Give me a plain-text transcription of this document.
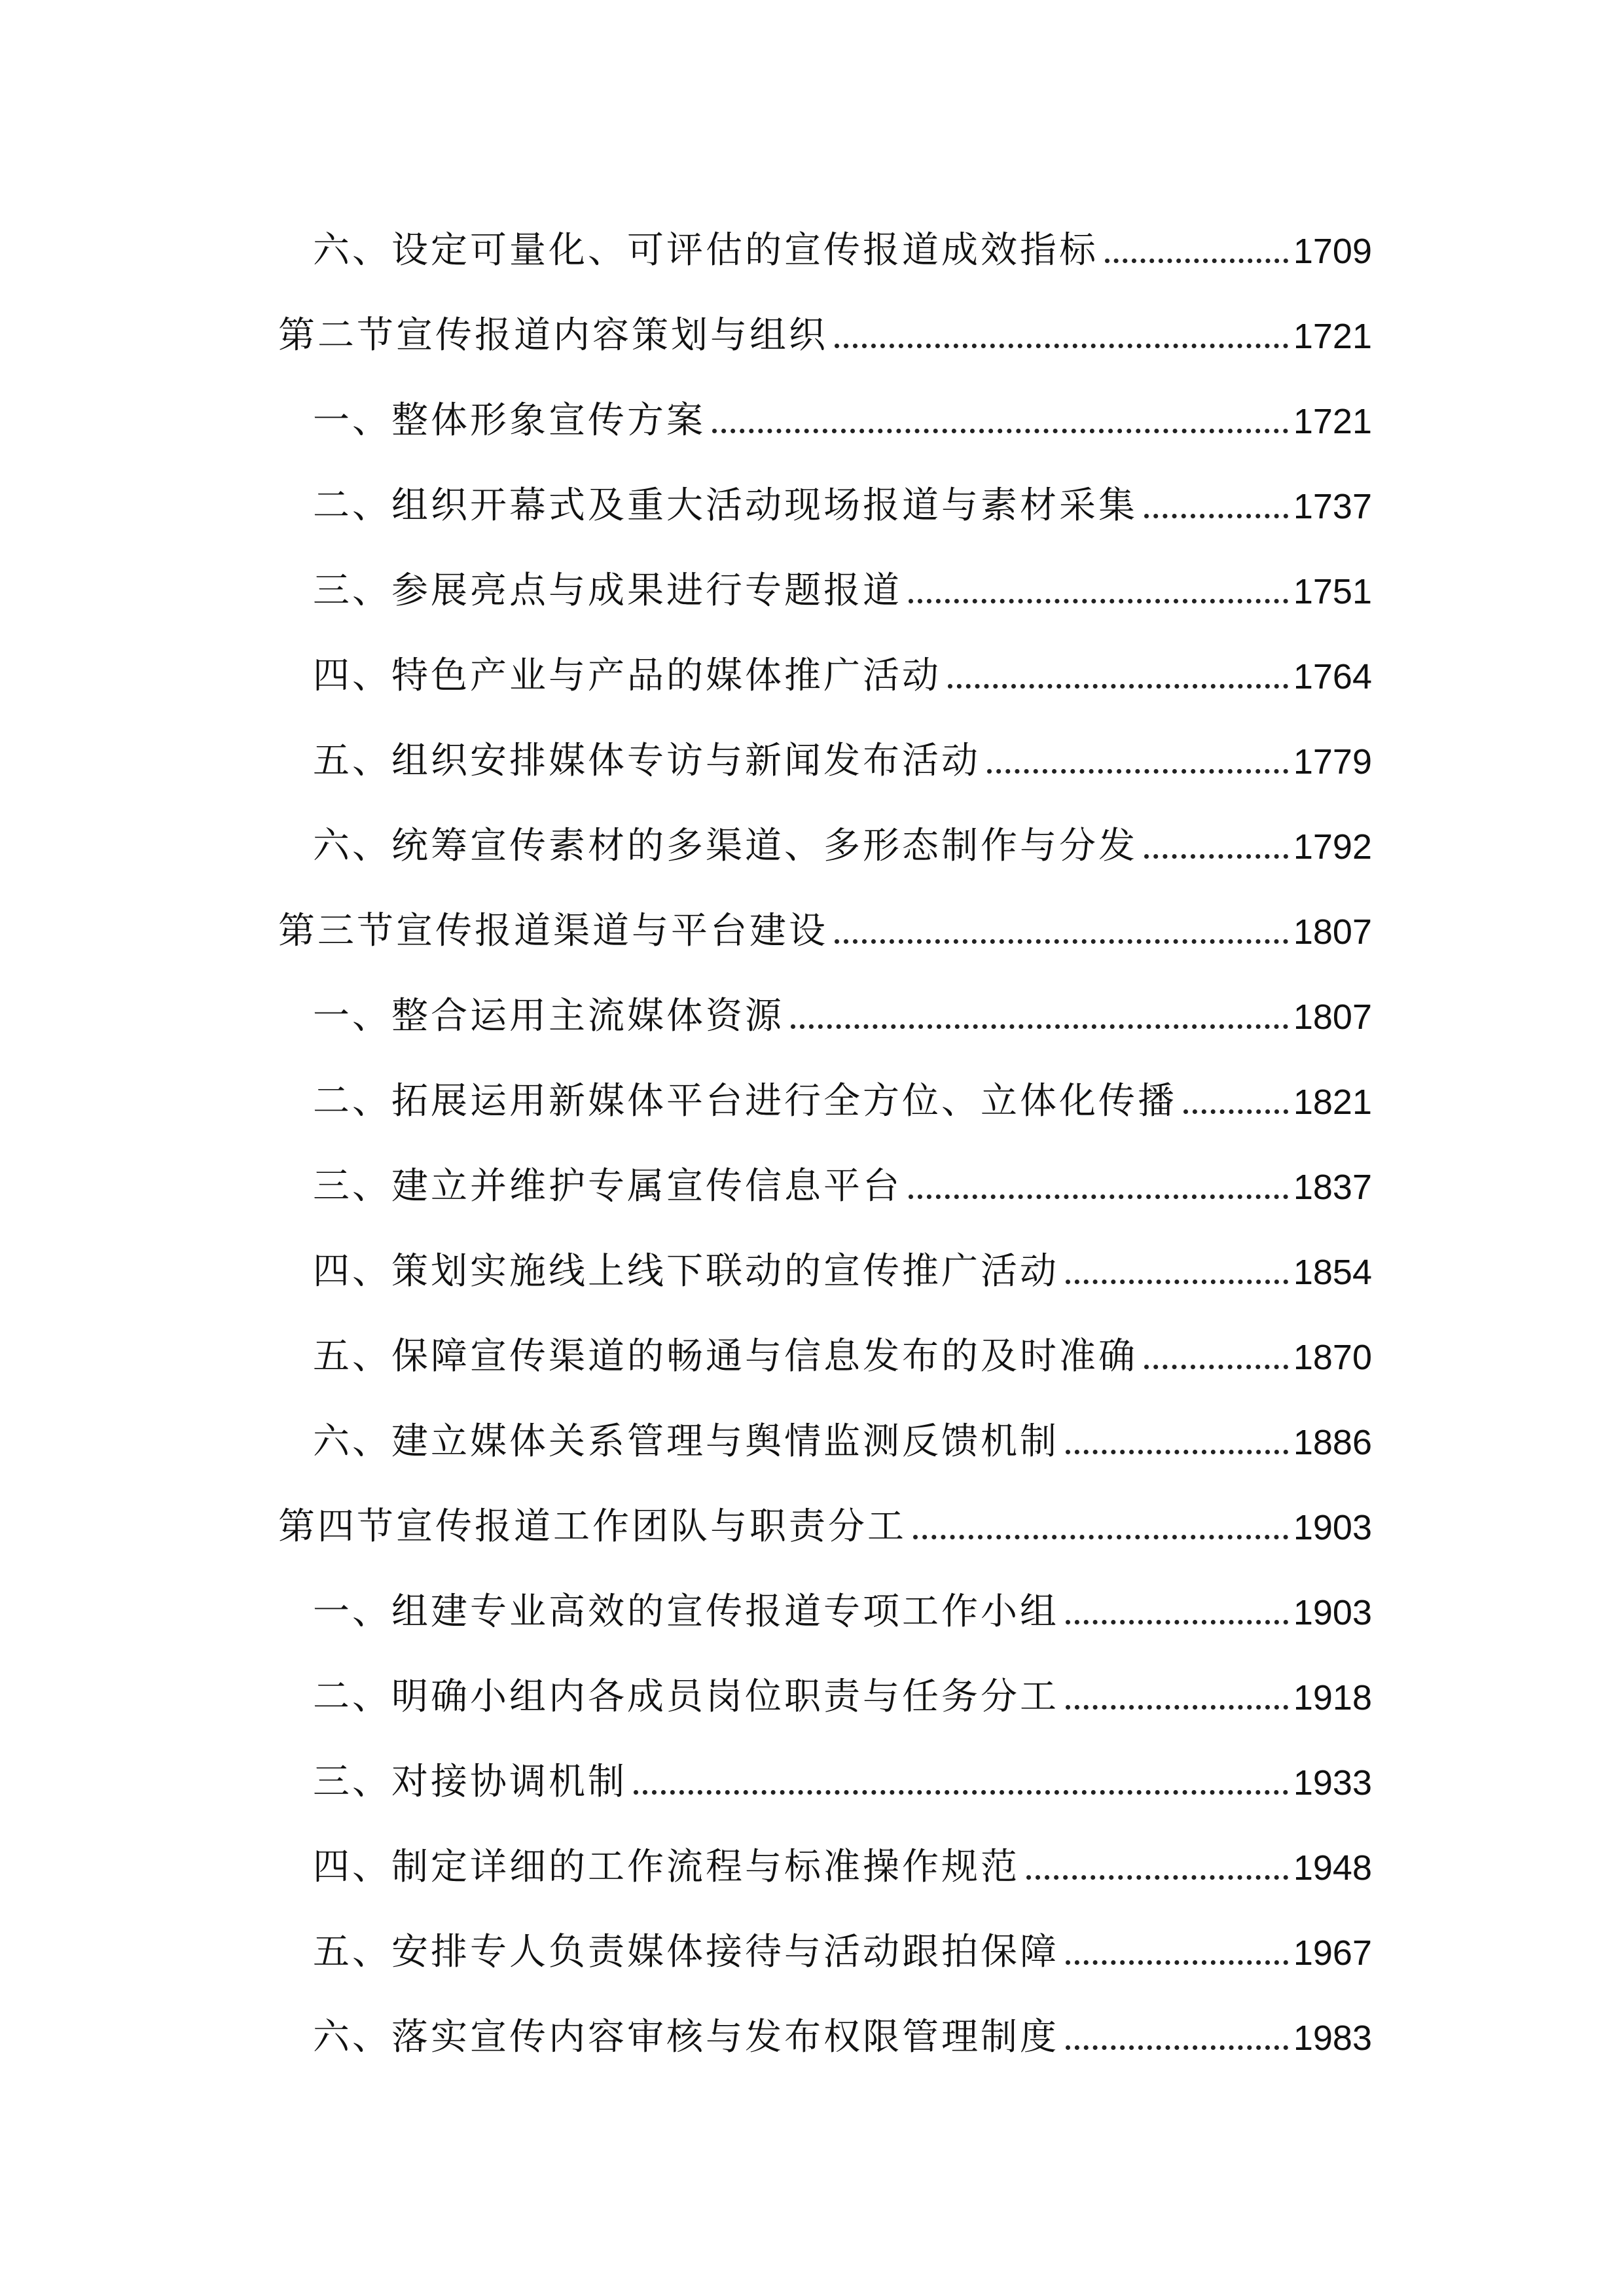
六、设定可量化、可评估的宣传报道成效指标	1709
第二节宣传报道内容策划与组织	1721
一、整体形象宣传方案	1721
二、组织开幕式及重大活动现场报道与素材采集	1737
三、参展亮点与成果进行专题报道	1751
四、特色产业与产品的媒体推广活动	1764
五、组织安排媒体专访与新闻发布活动	1779
六、统筹宣传素材的多渠道、多形态制作与分发	1792
第三节宣传报道渠道与平台建设	1807
一、整合运用主流媒体资源	1807
二、拓展运用新媒体平台进行全方位、立体化传播	1821
三、建立并维护专属宣传信息平台	1837
四、策划实施线上线下联动的宣传推广活动	1854
五、保障宣传渠道的畅通与信息发布的及时准确	1870
六、建立媒体关系管理与舆情监测反馈机制	1886
第四节宣传报道工作团队与职责分工	1903
一、组建专业高效的宣传报道专项工作小组	1903
二、明确小组内各成员岗位职责与任务分工	1918
三、对接协调机制	1933
四、制定详细的工作流程与标准操作规范	1948
五、安排专人负责媒体接待与活动跟拍保障	1967
六、落实宣传内容审核与发布权限管理制度	1983
